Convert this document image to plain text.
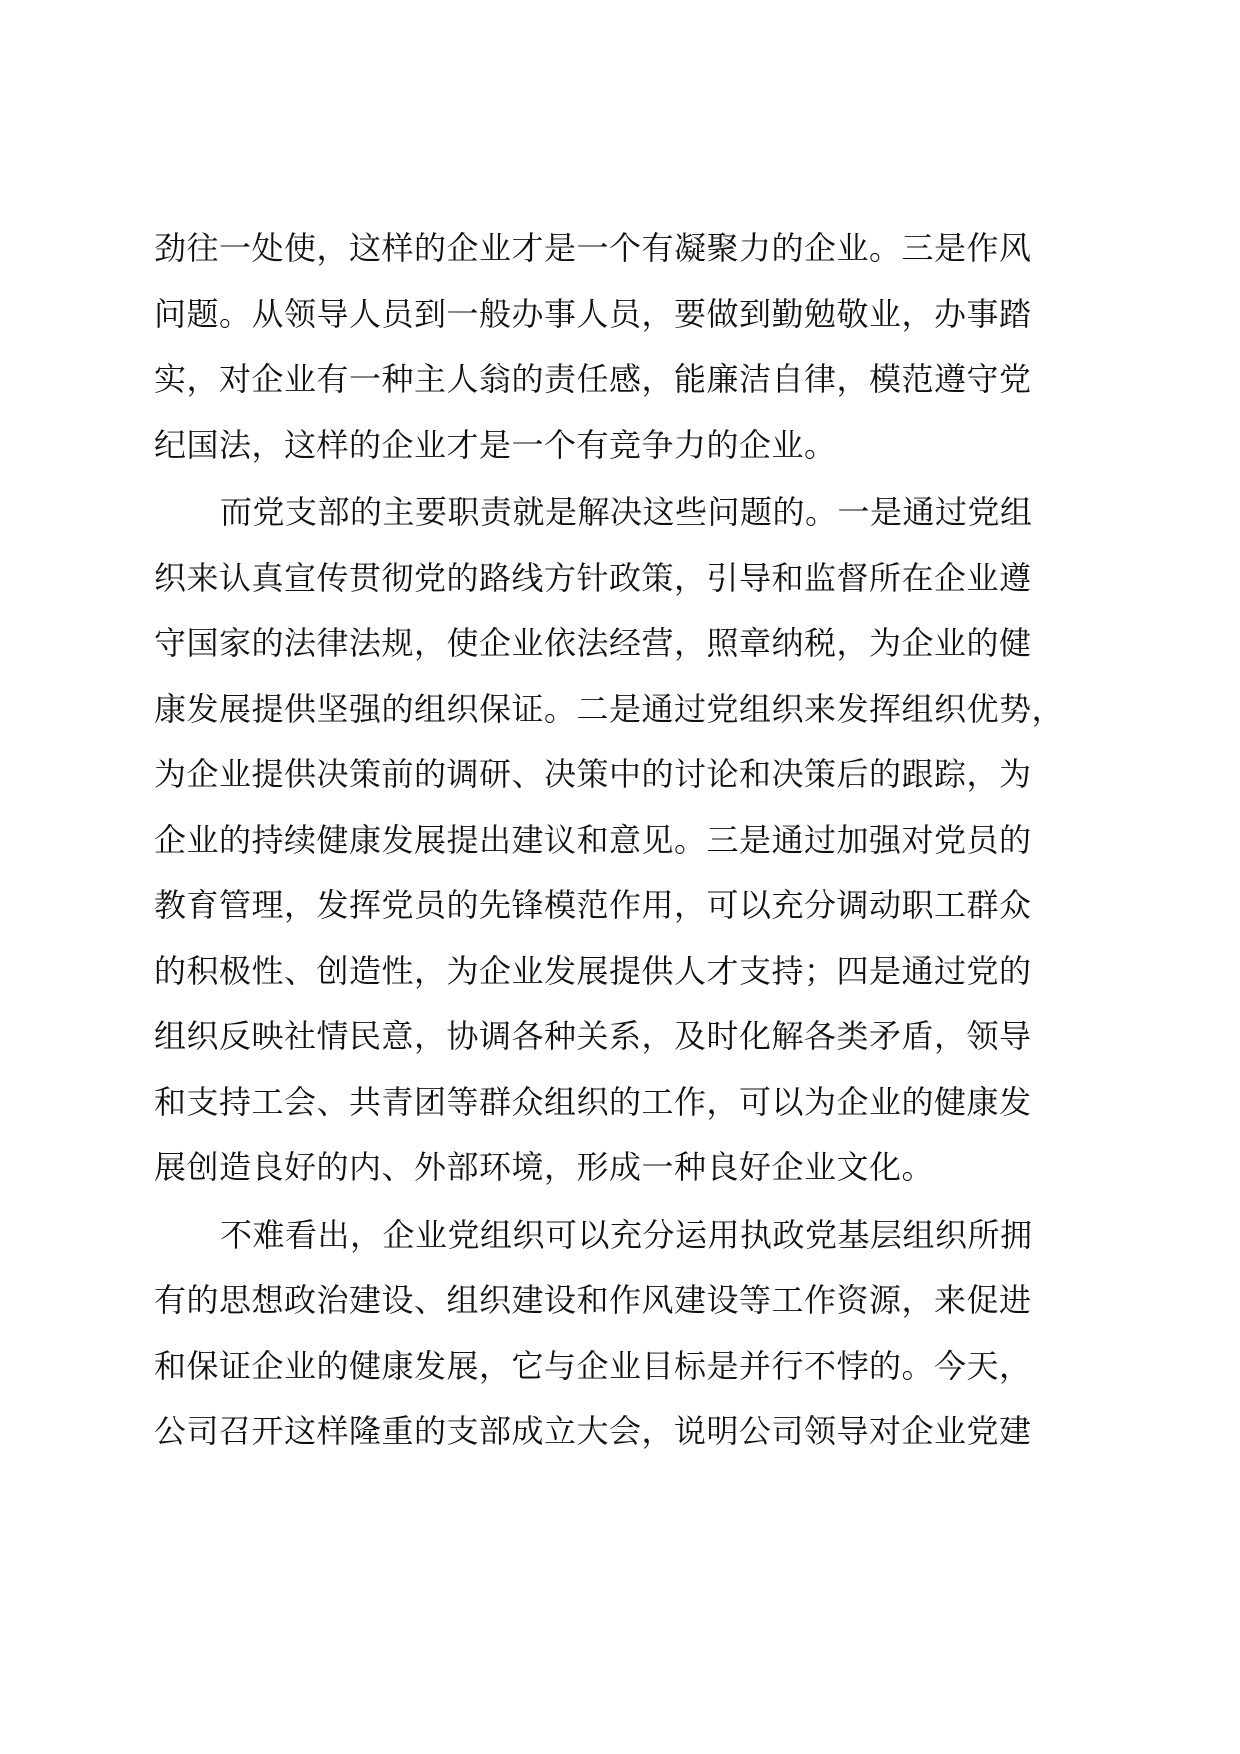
劲往一处使，这样的企业才是一个有凝聚力的企业。三是作风
问题。从领导人员到一般办事人员，要做到勤勉敬业，办事踏
实，对企业有一种主人翁的责任感，能廉洁自律，模范遵守党
纪国法，这样的企业才是一个有竞争力的企业。
而党支部的主要职责就是解决这些问题的。一是通过党组
织来认真宣传贯彻党的路线方针政策，引导和监督所在企业遵
守国家的法律法规，使企业依法经营，照章纳税，为企业的健
康发展提供坚强的组织保证。二是通过党组织来发挥组织优势，
为企业提供决策前的调研、决策中的讨论和决策后的跟踪，为
企业的持续健康发展提出建议和意见。三是通过加强对党员的
教育管理，发挥党员的先锋模范作用，可以充分调动职工群众
的积极性、创造性，为企业发展提供人才支持；四是通过党的
组织反映社情民意，协调各种关系，及时化解各类矛盾，领导
和支持工会、共青团等群众组织的工作，可以为企业的健康发
展创造良好的内、外部环境，形成一种良好企业文化。
不难看出，企业党组织可以充分运用执政党基层组织所拥
有的思想政治建设、组织建设和作风建设等工作资源，来促进
和保证企业的健康发展，它与企业目标是并行不悖的。今天，
公司召开这样隆重的支部成立大会，说明公司领导对企业党建
